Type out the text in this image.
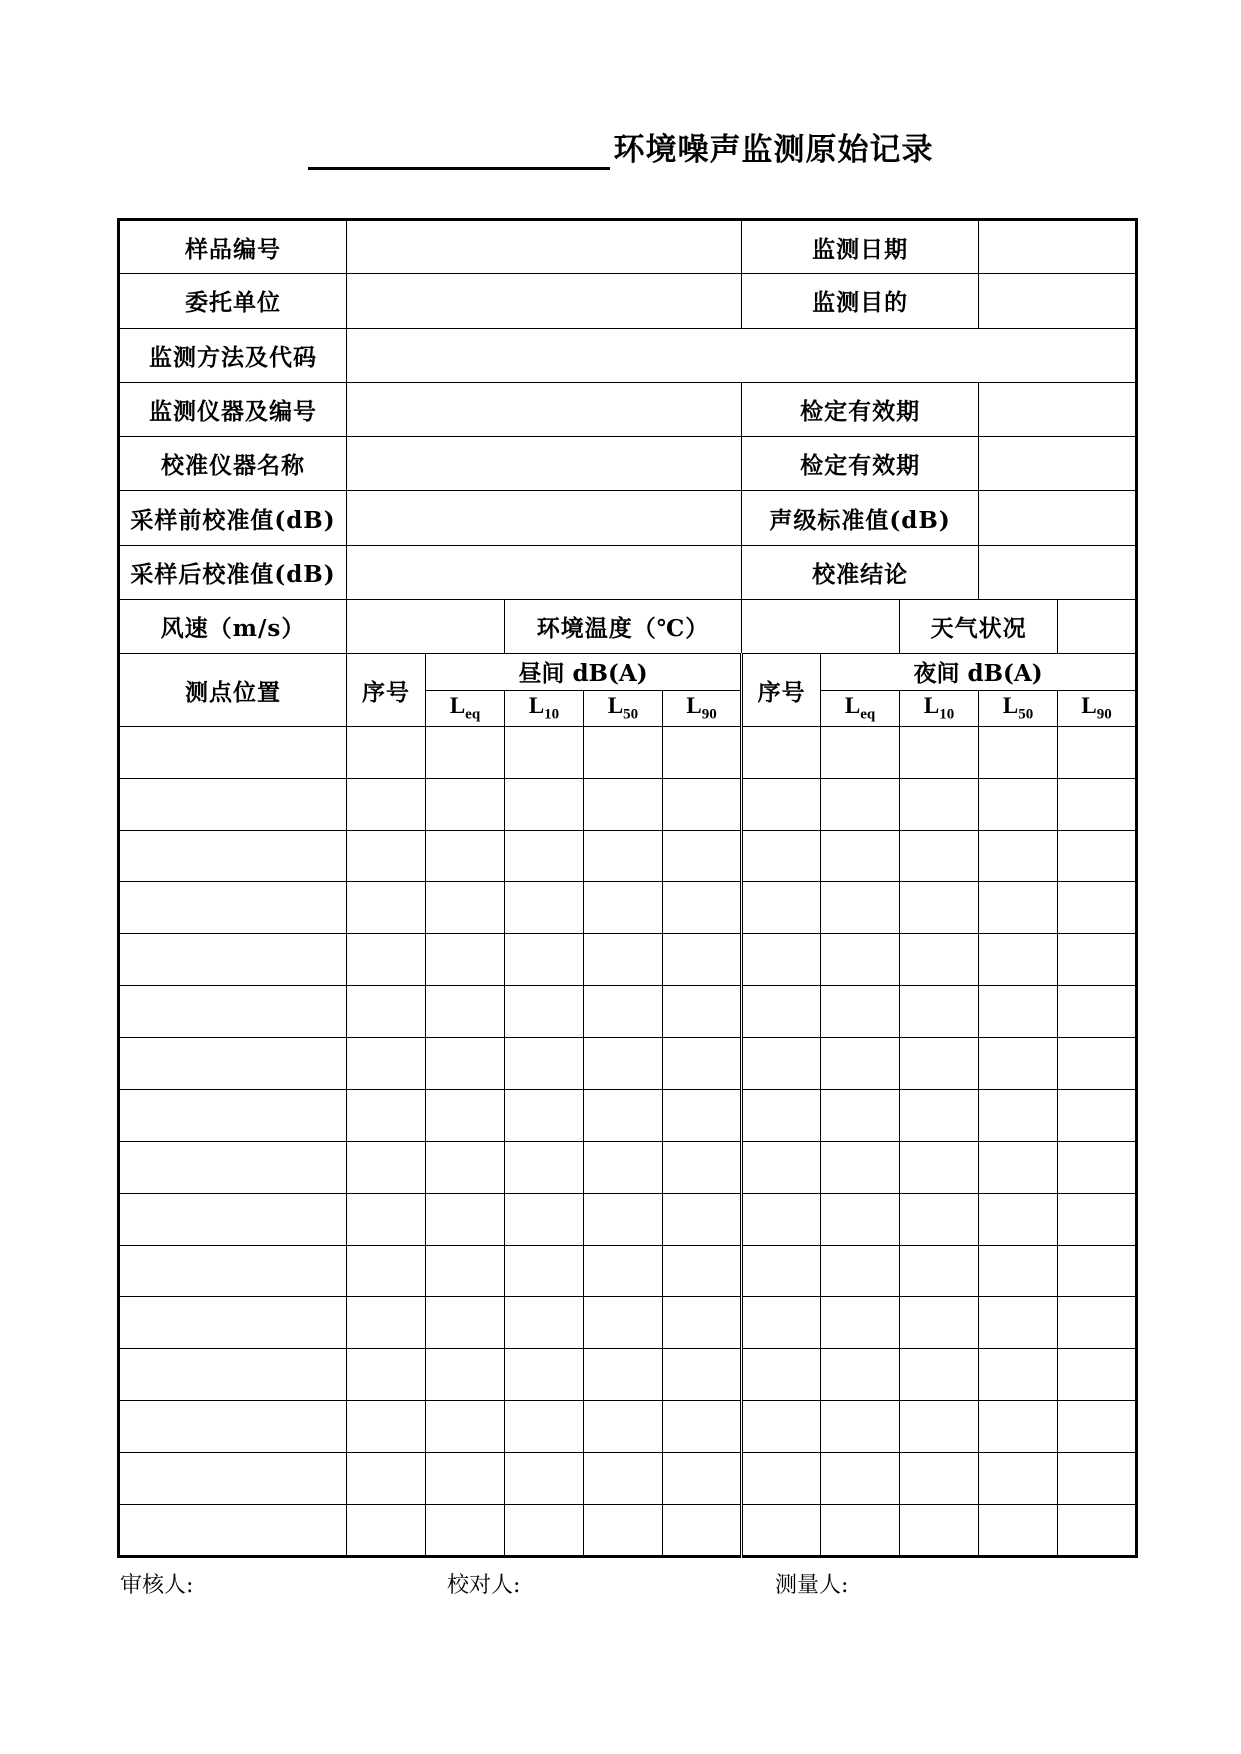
环境噪声监测原始记录
样品编号						监测日期				
委托单位						监测目的				
监测方法及代码										
监测仪器及编号						检定有效期				
校准仪器名称						检定有效期				
采样前校准值(dB)						声级标准值(dB)				
采样后校准值(dB)						校准结论				
风速（m/s）			环境温度（℃）					天气状况		
测点位置	序号	昼间 dB(A)				序号	夜间 dB(A)			
		$L_{eq}$	$L_{10}$	$L_{50}$	$L_{90}$		$L_{eq}$	$L_{10}$	$L_{50}$	$L_{90}$

审核人:	校对人:	测量人:
